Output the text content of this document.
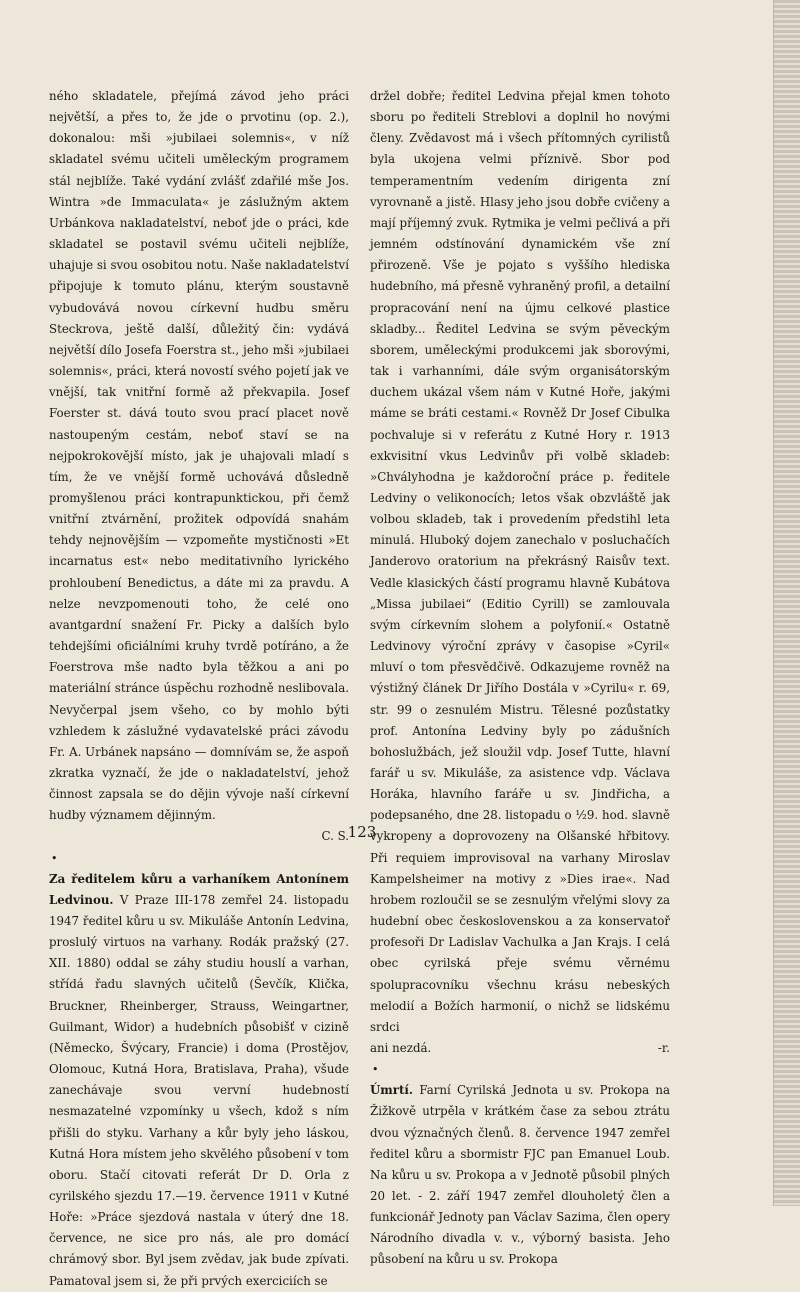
ného skladatele, přejímá závod jeho práci největší, a přes to, že jde o prvotinu (op. 2.), dokonalou: mši »jubilaei solemnis«, v níž skladatel svému učiteli uměleckým programem stál nejblíže. Také vydání zvlášť zdařilé mše Jos. Wintra »de Immaculata« je záslužným aktem Urbánkova nakladatelství, neboť jde o práci, kde skladatel se postavil svému učiteli nejblíže, uhajuje si svou osobitou notu. Naše nakladatelství připojuje k tomuto plánu, kterým soustavně vybudovává novou církevní hudbu směru Steckrova, ještě další, důležitý čin: vydává největší dílo Josefa Foerstra st., jeho mši »jubilaei solemnis«, práci, která novostí svého pojetí jak ve vnější, tak vnitřní formě až překvapila. Josef Foerster st. dává touto svou prací placet nově nastoupeným cestám, neboť staví se na nejpokrokovější místo, jak je uhajovali mladí s tím, že ve vnější formě uchovává důsledně promyšlenou práci kontrapunktickou, při čemž vnitřní ztvárnění, prožitek odpovídá snahám tehdy nejnovějším — vzpomeňte mystičnosti »Et incarnatus est« nebo meditativního lyrického prohloubení Benedictus, a dáte mi za pravdu. A nelze nevzpomenouti toho, že celé ono avantgardní snažení Fr. Picky a dalších bylo tehdejšími oficiálními kruhy tvrdě potíráno, a že Foerstrova mše nadto byla těžkou a ani po materiální stránce úspěchu rozhodně neslibovala. Nevyčerpal jsem všeho, co by mohlo býti vzhledem k záslužné vydavatelské práci závodu Fr. A. Urbánek napsáno — domnívám se, že aspoň zkratka vyznačí, že jde o nakladatelství, jehož činnost zapsala se do dějin vývoje naší církevní hudby významem dějinným.
C. S.

•

Za ředitelem kůru a varhaníkem Antonínem Ledvinou. V Praze III-178 zemřel 24. listopadu 1947 ředitel kůru u sv. Mikuláše Antonín Ledvina, proslulý virtuos na varhany. Rodák pražský (27. XII. 1880) oddal se záhy studiu houslí a varhan, střídá řadu slavných učitelů (Ševčík, Klička, Bruckner, Rheinberger, Strauss, Weingartner, Guilmant, Widor) a hudebních působišť v cizině (Německo, Švýcary, Francie) i doma (Prostějov, Olomouc, Kutná Hora, Bratislava, Praha), všude zanechávaje svou vervní hudebností nesmazatelné vzpomínky u všech, kdož s ním přišli do styku. Varhany a kůr byly jeho láskou, Kutná Hora místem jeho skvělého působení v tom oboru. Stačí citovati referát Dr D. Orla z cyrilského sjezdu 17.—19. července 1911 v Kutné Hoře: »Práce sjezdová nastala v úterý dne 18. července, ne sice pro nás, ale pro domácí chrámový sbor. Byl jsem zvědav, jak bude zpívati. Pamatoval jsem si, že při prvých exerciciích se

držel dobře; ředitel Ledvina přejal kmen tohoto sboru po řediteli Streblovi a doplnil ho novými členy. Zvědavost má i všech přítomných cyrilistů byla ukojena velmi příznivě. Sbor pod temperamentním vedením dirigenta zní vyrovnaně a jistě. Hlasy jeho jsou dobře cvičeny a mají příjemný zvuk. Rytmika je velmi pečlivá a při jemném odstínování dynamickém vše zní přirozeně. Vše je pojato s vyššího hlediska hudebního, má přesně vyhraněný profil, a detailní propracování není na újmu celkové plastice skladby... Ředitel Ledvina se svým pěveckým sborem, uměleckými produkcemi jak sborovými, tak i varhanními, dále svým organisátorským duchem ukázal všem nám v Kutné Hoře, jakými máme se bráti cestami.« Rovněž Dr Josef Cibulka pochvaluje si v referátu z Kutné Hory r. 1913 exkvisitní vkus Ledvinův při volbě skladeb: »Chvályhodna je každoroční práce p. ředitele Ledviny o velikonocích; letos však obzvláště jak volbou skladeb, tak i provedením předstihl leta minulá. Hluboký dojem zanechalo v posluchačích Janderovo oratorium na překrásný Raisův text. Vedle klasických částí programu hlavně Kubátova „Missa jubilaei“ (Editio Cyrill) se zamlouvala svým církevním slohem a polyfonií.« Ostatně Ledvinovy výroční zprávy v časopise »Cyril« mluví o tom přesvědčivě. Odkazujeme rovněž na výstižný článek Dr Jiřího Dostála v »Cyrilu« r. 69, str. 99 o zesnulém Mistru. Tělesné pozůstatky prof. Antonína Ledviny byly po zádušních bohoslužbách, jež sloužil vdp. Josef Tutte, hlavní farář u sv. Mikuláše, za asistence vdp. Václava Horáka, hlavního faráře u sv. Jindřicha, a podepsaného, dne 28. listopadu o ½9. hod. slavně vykropeny a doprovozeny na Olšanské hřbitovy. Při requiem improvisoval na varhany Miroslav Kampelsheimer na motivy z »Dies irae«. Nad hrobem rozloučil se se zesnulým vřelými slovy za hudební obec československou a za konservatoř profesoři Dr Ladislav Vachulka a Jan Krajs. I celá obec cyrilská přeje svému věrnému spolupracovníku všechnu krásu nebeských melodií a Božích harmonií, o nichž se lidskému srdci

ani nezdá.	-r.
•

Úmrtí. Farní Cyrilská Jednota u sv. Prokopa na Žižkově utrpěla v krátkém čase za sebou ztrátu dvou význačných členů. 8. července 1947 zemřel ředitel kůru a sbormistr FJC pan Emanuel Loub. Na kůru u sv. Prokopa a v Jednotě působil plných 20 let. - 2. září 1947 zemřel dlouholetý člen a funkcionář Jednoty pan Václav Sazima, člen opery Národního divadla v. v., výborný basista. Jeho působení na kůru u sv. Prokopa

123
